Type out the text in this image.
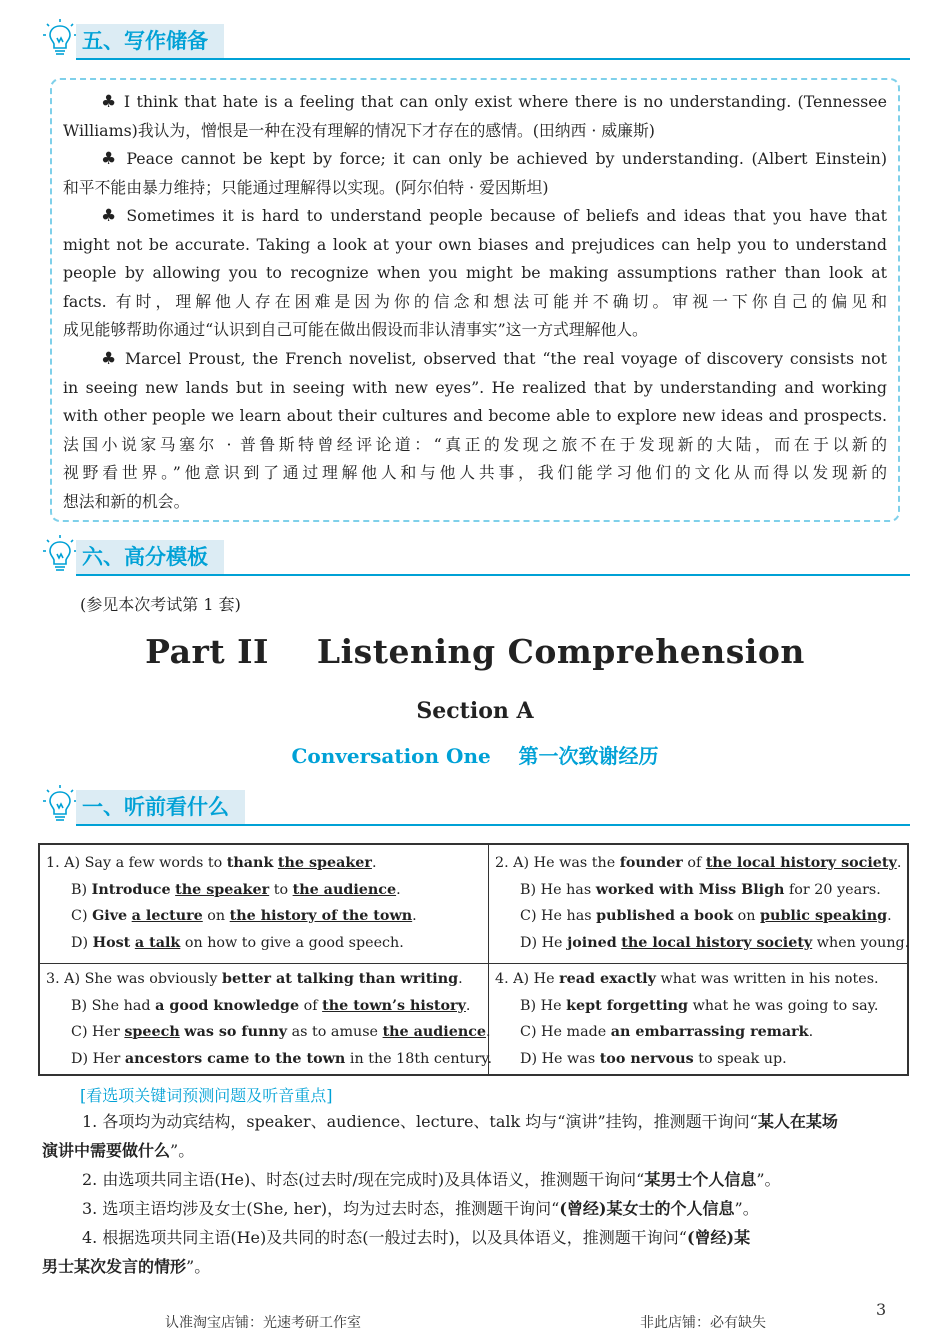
五、写作储备
♣ I think that hate is a feeling that can only exist where there is no understanding. (Tennessee
Williams)我认为，憎恨是一种在没有理解的情况下才存在的感情。(田纳西 · 威廉斯)
♣ Peace cannot be kept by force; it can only be achieved by understanding. (Albert Einstein)
和平不能由暴力维持；只能通过理解得以实现。(阿尔伯特 · 爱因斯坦)
♣ Sometimes it is hard to understand people because of beliefs and ideas that you have that
might not be accurate. Taking a look at your own biases and prejudices can help you to understand
people by allowing you to recognize when you might be making assumptions rather than look at
facts. 有时，理解他人存在困难是因为你的信念和想法可能并不确切。审视一下你自己的偏见和
成见能够帮助你通过“认识到自己可能在做出假设而非认清事实”这一方式理解他人。
♣ Marcel Proust, the French novelist, observed that “the real voyage of discovery consists not
in seeing new lands but in seeing with new eyes”. He realized that by understanding and working
with other people we learn about their cultures and become able to explore new ideas and prospects.
法国小说家马塞尔 · 普鲁斯特曾经评论道：“真正的发现之旅不在于发现新的大陆，而在于以新的
视野看世界。”他意识到了通过理解他人和与他人共事，我们能学习他们的文化从而得以发现新的
想法和新的机会。
六、高分模板
(参见本次考试第 1 套)
Part II    Listening Comprehension
Section A
Conversation One    第一次致谢经历
一、听前看什么
1. A) Say a few words to thank the speaker.
B) Introduce the speaker to the audience.
C) Give a lecture on the history of the town.
D) Host a talk on how to give a good speech.
2. A) He was the founder of the local history society.
B) He has worked with Miss Bligh for 20 years.
C) He has published a book on public speaking.
D) He joined the local history society when young.
3. A) She was obviously better at talking than writing.
B) She had a good knowledge of the town’s history.
C) Her speech was so funny as to amuse the audience.
D) Her ancestors came to the town in the 18th century.
4. A) He read exactly what was written in his notes.
B) He kept forgetting what he was going to say.
C) He made an embarrassing remark.
D) He was too nervous to speak up.
[看选项关键词预测问题及听音重点]
1. 各项均为动宾结构，speaker、audience、lecture、talk 均与“演讲”挂钩，推测题干询问“某人在某场
演讲中需要做什么”。
2. 由选项共同主语(He)、时态(过去时/现在完成时)及具体语义，推测题干询问“某男士个人信息”。
3. 选项主语均涉及女士(She, her)，均为过去时态，推测题干询问“(曾经)某女士的个人信息”。
4. 根据选项共同主语(He)及共同的时态(一般过去时)，以及具体语义，推测题干询问“(曾经)某
男士某次发言的情形”。
认准淘宝店铺：光速考研工作室	非此店铺：必有缺失
3
